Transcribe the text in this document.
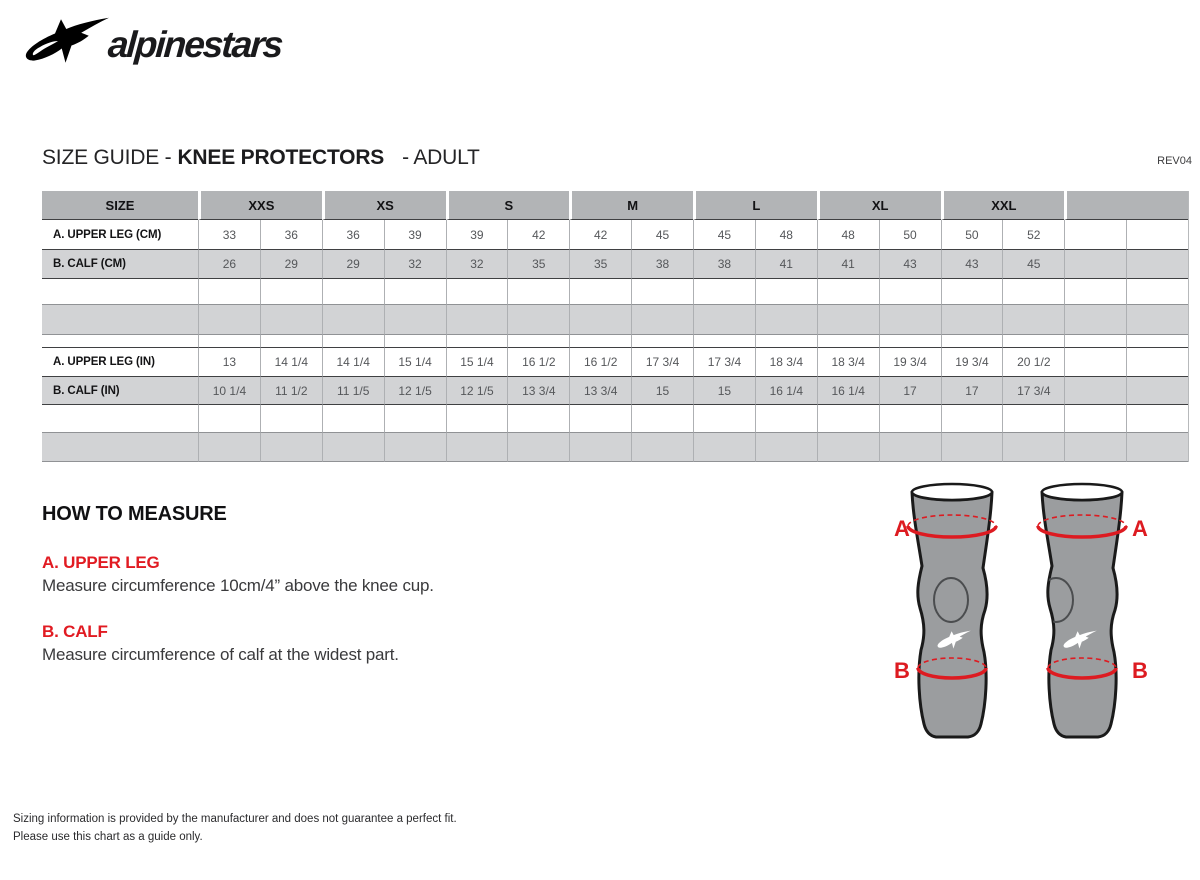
alpinestars
SIZE GUIDE - KNEE PROTECTORS - ADULT	REV04
SIZE	XXS	XS	S	M	L	XL	XXL
A. UPPER LEG (CM)	33	36	36	39	39	42	42	45	45	48	48	50	50	52
B. CALF (CM)	26	29	29	32	32	35	35	38	38	41	41	43	43	45
A. UPPER LEG (IN)	13	14 1/4	14 1/4	15 1/4	15 1/4	16 1/2	16 1/2	17 3/4	17 3/4	18 3/4	18 3/4	19 3/4	19 3/4	20 1/2
B. CALF (IN)	10 1/4	11 1/2	11 1/5	12 1/5	12 1/5	13 3/4	13 3/4	15	15	16 1/4	16 1/4	17	17	17 3/4
HOW TO MEASURE

A. UPPER LEG

Measure circumference 10cm/4” above the knee cup.

B. CALF

Measure circumference of calf at the widest part.

A
B
A
B
Sizing information is provided by the manufacturer and does not guarantee a perfect fit.
Please use this chart as a guide only.
